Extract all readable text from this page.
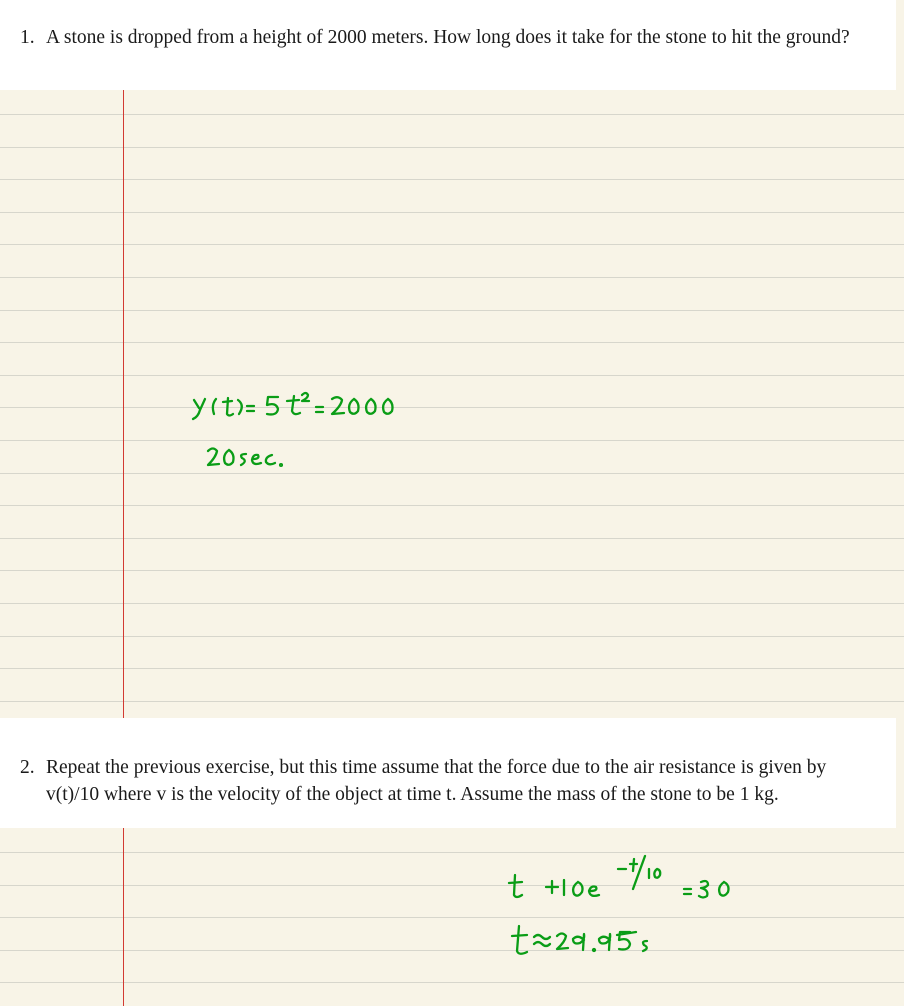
1. A stone is dropped from a height of 2000 meters. How long does it take for the stone to hit the ground?
2. Repeat the previous exercise, but this time assume that the force due to the air resistance is given by v(t)/10 where v is the velocity of the object at time t. Assume the mass of the stone to be 1 kg.
